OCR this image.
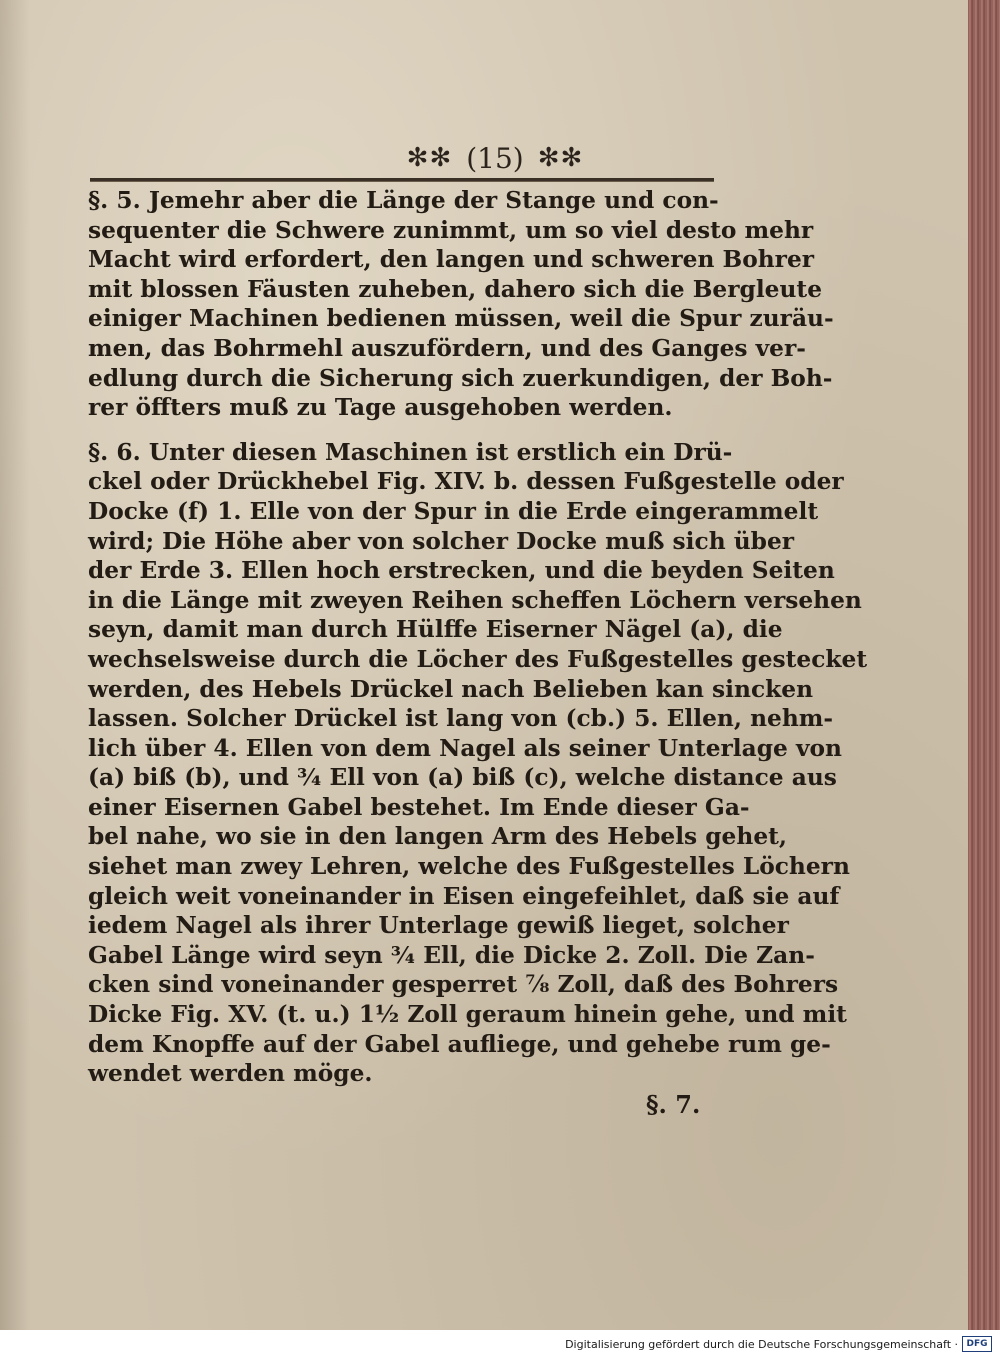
✻✻ (15) ✻✻
§. 5. Jemehr aber die Länge der Stange und con-
sequenter die Schwere zunimmt, um so viel desto mehr
Macht wird erfordert, den langen und schweren Bohrer
mit blossen Fäusten zuheben, dahero sich die Bergleute
einiger Machinen bedienen müssen, weil die Spur zuräu-
men, das Bohrmehl auszufördern, und des Ganges ver-
edlung durch die Sicherung sich zuerkundigen, der Boh-
rer öffters muß zu Tage ausgehoben werden.
§. 6. Unter diesen Maschinen ist erstlich ein Drü-
ckel oder Drückhebel Fig. XIV. b. dessen Fußgestelle oder
Docke (f) 1. Elle von der Spur in die Erde eingerammelt
wird; Die Höhe aber von solcher Docke muß sich über
der Erde 3. Ellen hoch erstrecken, und die beyden Seiten
in die Länge mit zweyen Reihen scheffen Löchern versehen
seyn, damit man durch Hülffe Eiserner Nägel (a), die
wechselsweise durch die Löcher des Fußgestelles gestecket
werden, des Hebels Drückel nach Belieben kan sincken
lassen. Solcher Drückel ist lang von (cb.) 5. Ellen, nehm-
lich über 4. Ellen von dem Nagel als seiner Unterlage von
(a) biß (b), und ¾ Ell von (a) biß (c), welche distance aus
einer Eisernen Gabel bestehet. Im Ende dieser Ga-
bel nahe, wo sie in den langen Arm des Hebels gehet,
siehet man zwey Lehren, welche des Fußgestelles Löchern
gleich weit voneinander in Eisen eingefeihlet, daß sie auf
iedem Nagel als ihrer Unterlage gewiß lieget, solcher
Gabel Länge wird seyn ¾ Ell, die Dicke 2. Zoll. Die Zan-
cken sind voneinander gesperret ⅞ Zoll, daß des Bohrers
Dicke Fig. XV. (t. u.) 1½ Zoll geraum hinein gehe, und mit
dem Knopffe auf der Gabel aufliege, und gehebe rum ge-
wendet werden möge.
§. 7.
Digitalisierung gefördert durch die Deutsche Forschungsgemeinschaft · DFG
